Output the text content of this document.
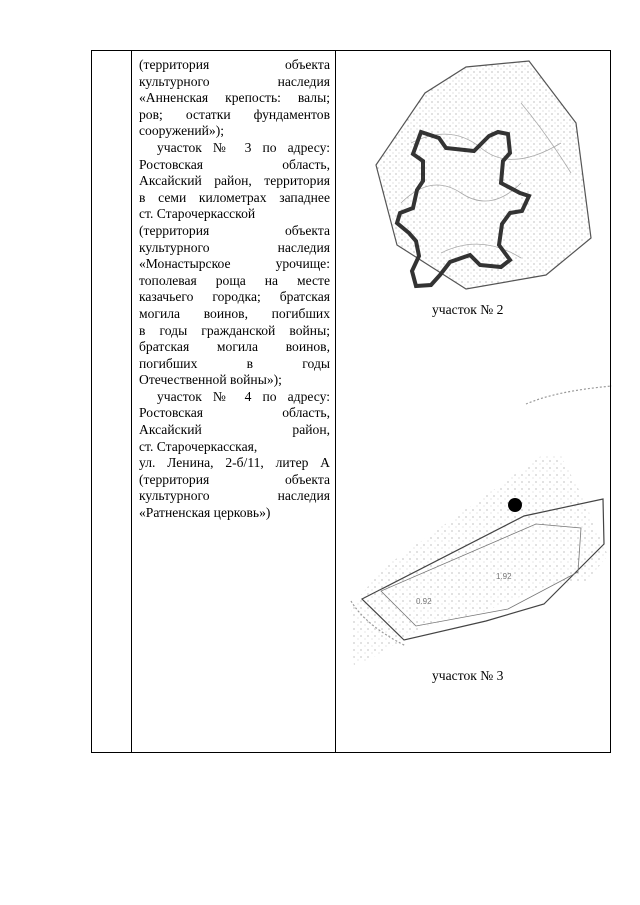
(территория объекта
культурного наследия
«Анненская крепость: валы;
ров; остатки фундаментов
сооружений»);
участок № 3 по адресу:
Ростовская область,
Аксайский район, территория
в семи километрах западнее
ст. Старочеркасской
(территория объекта
культурного наследия
«Монастырское урочище:
тополевая роща на месте
казачьего городка; братская
могила воинов, погибших
в годы гражданской войны;
братская могила воинов,
погибших в годы
Отечественной войны»);
участок № 4 по адресу:
Ростовская область,
Аксайский район,
ст. Старочеркасская,
ул. Ленина, 2-б/11, литер А
(территория объекта
культурного наследия
«Ратненская церковь»)
участок № 2
1.92
0.92
участок № 3
